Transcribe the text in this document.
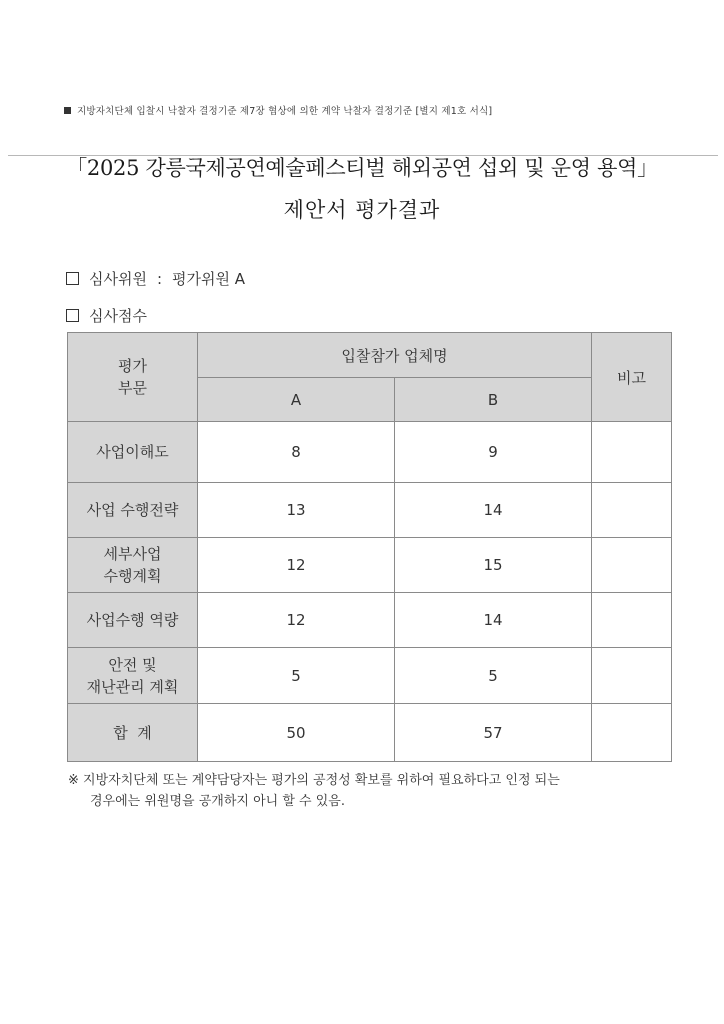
지방자치단체 입찰시 낙찰자 결정기준 제7장 협상에 의한 계약 낙찰자 결정기준 [별지 제1호 서식]
「2025 강릉국제공연예술페스티벌 해외공연 섭외 및 운영 용역」
제안서 평가결과
심사위원 : 평가위원 A
심사점수
평가
부문	입찰참가 업체명		비고
	A	B	

사업이해도	8	9	

사업 수행전략	13	14	

세부사업
수행계획	12	15	

사업수행 역량	12	14	

안전 및
재난관리 계획	5	5	
합  계	50	57	
※ 지방자치단체 또는 계약담당자는 평가의 공정성 확보를 위하여 필요하다고 인정 되는
경우에는 위원명을 공개하지 아니 할 수 있음.
